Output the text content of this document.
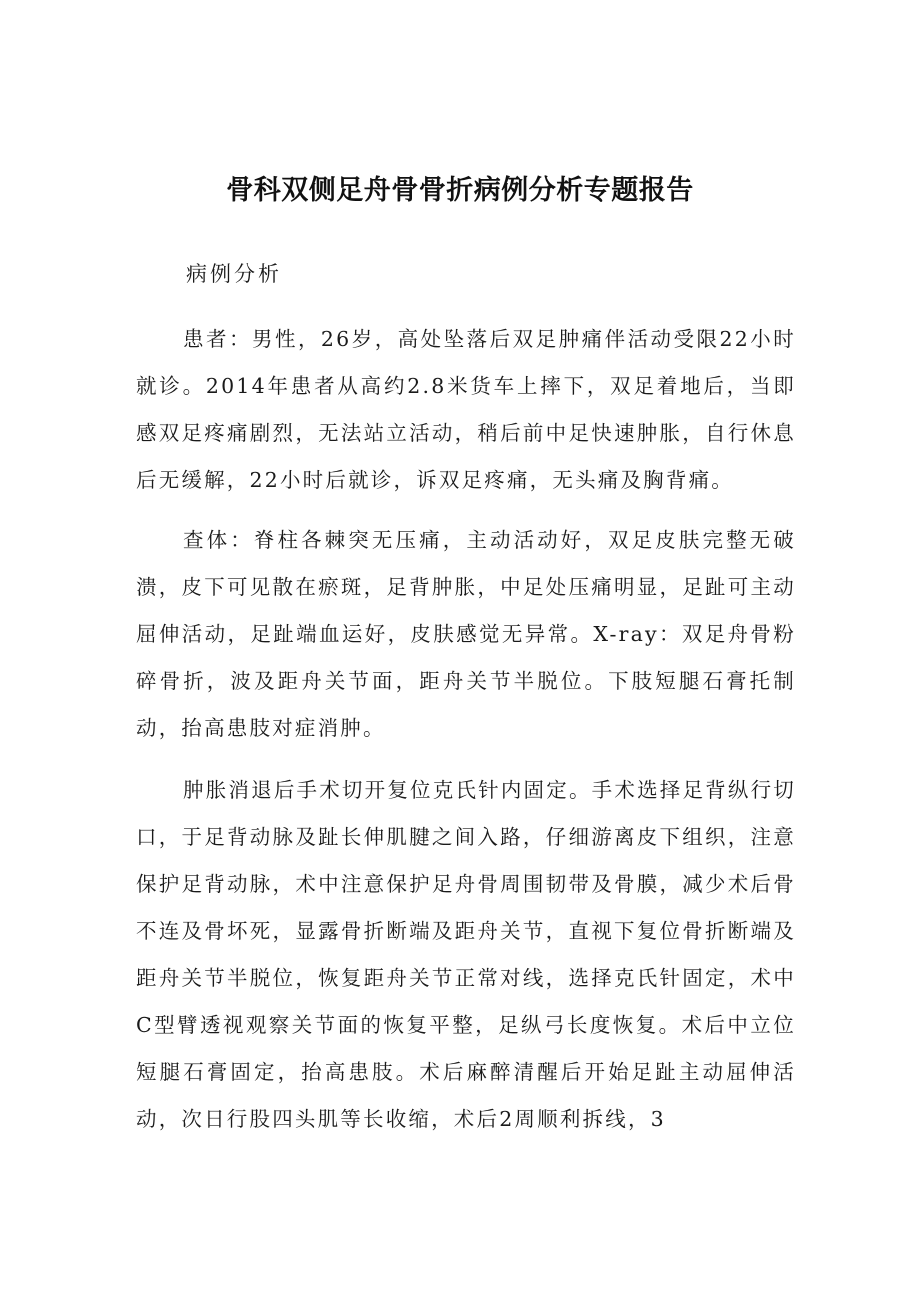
骨科双侧足舟骨骨折病例分析专题报告

病例分析

患者：男性，26岁，高处坠落后双足肿痛伴活动受限22小时就诊。2014年患者从高约2.8米货车上摔下，双足着地后，当即感双足疼痛剧烈，无法站立活动，稍后前中足快速肿胀，自行休息后无缓解，22小时后就诊，诉双足疼痛，无头痛及胸背痛。

查体：脊柱各棘突无压痛，主动活动好，双足皮肤完整无破溃，皮下可见散在瘀斑，足背肿胀，中足处压痛明显，足趾可主动屈伸活动，足趾端血运好，皮肤感觉无异常。X-ray：双足舟骨粉碎骨折，波及距舟关节面，距舟关节半脱位。下肢短腿石膏托制动，抬高患肢对症消肿。

肿胀消退后手术切开复位克氏针内固定。手术选择足背纵行切口，于足背动脉及趾长伸肌腱之间入路，仔细游离皮下组织，注意保护足背动脉，术中注意保护足舟骨周围韧带及骨膜，减少术后骨不连及骨坏死，显露骨折断端及距舟关节，直视下复位骨折断端及距舟关节半脱位，恢复距舟关节正常对线，选择克氏针固定，术中C型臂透视观察关节面的恢复平整，足纵弓长度恢复。术后中立位短腿石膏固定，抬高患肢。术后麻醉清醒后开始足趾主动屈伸活动，次日行股四头肌等长收缩，术后2周顺利拆线，3
